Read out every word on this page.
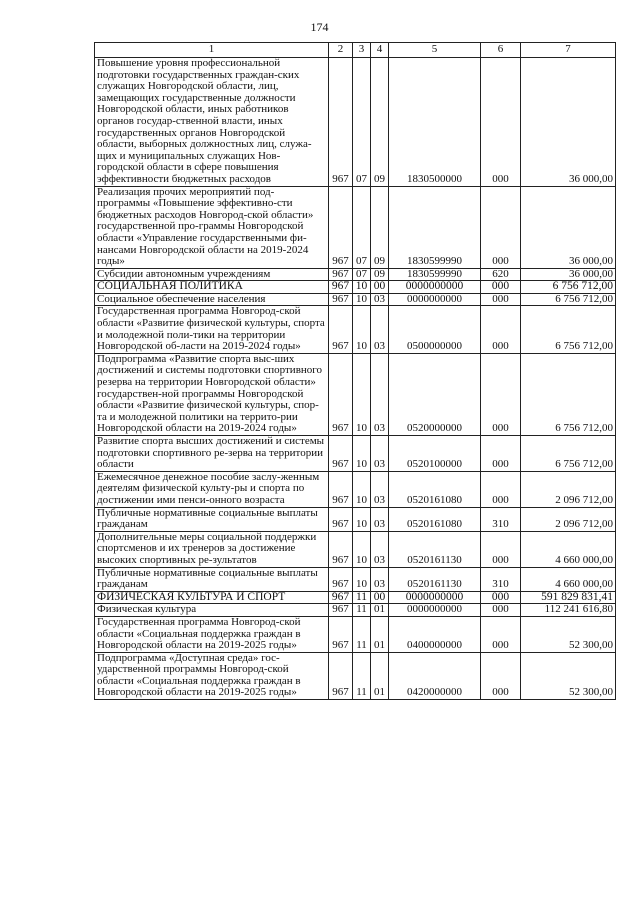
174
1	2	3	4	5	6	7
Повышение уровня профессиональной подготовки государственных граждан-ских служащих Новгородской области, лиц, замещающих государственные должности Новгородской области, иных работников органов государ-ственной власти, иных государственных органов Новгородской области, выборных должностных лиц, служа-щих и муниципальных служащих Нов-городской области в сфере повышения эффективности бюджетных расходов	967	07	09	1830500000	000	36 000,00
Реализация прочих мероприятий под-программы «Повышение эффективно-сти бюджетных расходов Новгород-ской области» государственной про-граммы Новгородской области «Управление государственными фи-нансами Новгородской области на 2019-2024 годы»	967	07	09	1830599990	000	36 000,00
Субсидии автономным учреждениям	967	07	09	1830599990	620	36 000,00
СОЦИАЛЬНАЯ ПОЛИТИКА	967	10	00	0000000000	000	6 756 712,00
Социальное обеспечение населения	967	10	03	0000000000	000	6 756 712,00
Государственная программа Новгород-ской области «Развитие физической культуры, спорта и молодежной поли-тики на территории Новгородской об-ласти на 2019-2024 годы»	967	10	03	0500000000	000	6 756 712,00
Подпрограмма «Развитие спорта выс-ших достижений и системы подготовки спортивного резерва на территории Новгородской области» государствен-ной программы Новгородской области «Развитие физической культуры, спор-та и молодежной политики на террито-рии Новгородской области на 2019-2024 годы»	967	10	03	0520000000	000	6 756 712,00
Развитие спорта высших достижений и системы подготовки спортивного ре-зерва на территории области	967	10	03	0520100000	000	6 756 712,00
Ежемесячное денежное пособие заслу-женным деятелям физической культу-ры и спорта по достижении ими пенси-онного возраста	967	10	03	0520161080	000	2 096 712,00
Публичные нормативные социальные выплаты гражданам	967	10	03	0520161080	310	2 096 712,00
Дополнительные меры социальной поддержки спортсменов и их тренеров за достижение высоких спортивных ре-зультатов	967	10	03	0520161130	000	4 660 000,00
Публичные нормативные социальные выплаты гражданам	967	10	03	0520161130	310	4 660 000,00
ФИЗИЧЕСКАЯ КУЛЬТУРА И СПОРТ	967	11	00	0000000000	000	591 829 831,41
Физическая культура	967	11	01	0000000000	000	112 241 616,80
Государственная программа Новгород-ской области «Социальная поддержка граждан в Новгородской области на 2019-2025 годы»	967	11	01	0400000000	000	52 300,00
Подпрограмма «Доступная среда» гос-ударственной программы Новгород-ской области «Социальная поддержка граждан в Новгородской области на 2019-2025 годы»	967	11	01	0420000000	000	52 300,00
